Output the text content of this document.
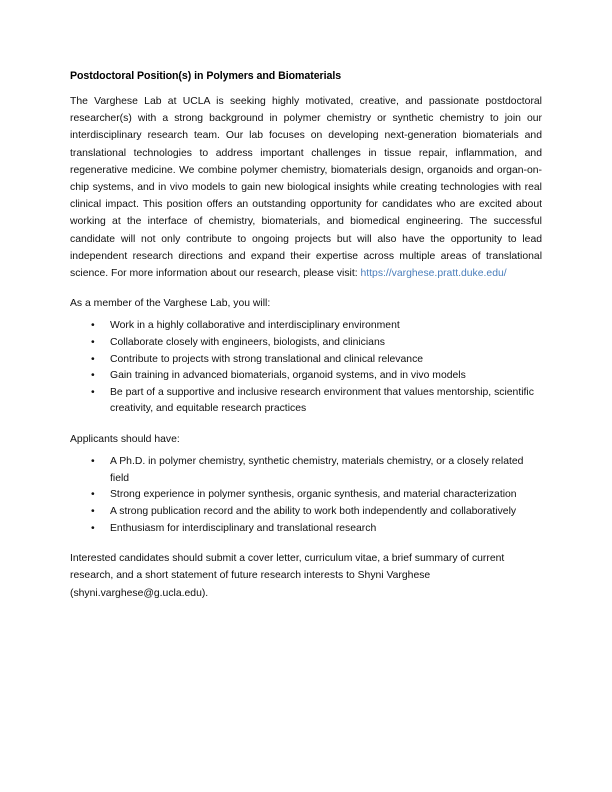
Postdoctoral Position(s) in Polymers and Biomaterials

The Varghese Lab at UCLA is seeking highly motivated, creative, and passionate postdoctoral researcher(s) with a strong background in polymer chemistry or synthetic chemistry to join our interdisciplinary research team. Our lab focuses on developing next-generation biomaterials and translational technologies to address important challenges in tissue repair, inflammation, and regenerative medicine. We combine polymer chemistry, biomaterials design, organoids and organ-on-chip systems, and in vivo models to gain new biological insights while creating technologies with real clinical impact. This position offers an outstanding opportunity for candidates who are excited about working at the interface of chemistry, biomaterials, and biomedical engineering. The successful candidate will not only contribute to ongoing projects but will also have the opportunity to lead independent research directions and expand their expertise across multiple areas of translational science. For more information about our research, please visit: https://varghese.pratt.duke.edu/

As a member of the Varghese Lab, you will:

•	Work in a highly collaborative and interdisciplinary environment
•	Collaborate closely with engineers, biologists, and clinicians
•	Contribute to projects with strong translational and clinical relevance
•	Gain training in advanced biomaterials, organoid systems, and in vivo models
•	Be part of a supportive and inclusive research environment that values mentorship, scientific creativity, and equitable research practices

Applicants should have:

•	A Ph.D. in polymer chemistry, synthetic chemistry, materials chemistry, or a closely related field
•	Strong experience in polymer synthesis, organic synthesis, and material characterization
•	A strong publication record and the ability to work both independently and collaboratively
•	Enthusiasm for interdisciplinary and translational research

Interested candidates should submit a cover letter, curriculum vitae, a brief summary of current research, and a short statement of future research interests to Shyni Varghese (shyni.varghese@g.ucla.edu).
